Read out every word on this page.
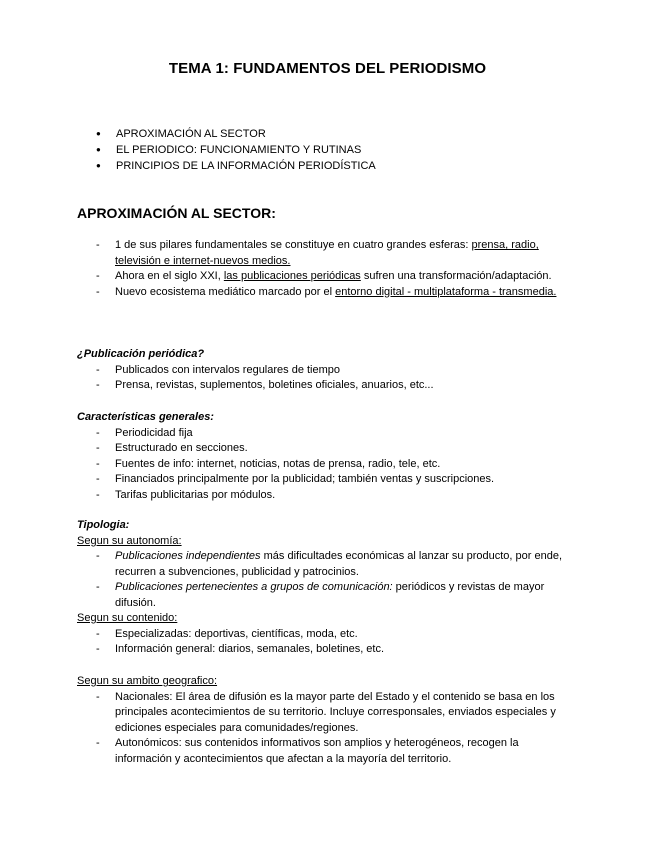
TEMA 1: FUNDAMENTOS DEL PERIODISMO
●	APROXIMACIÓN AL SECTOR
●	EL PERIODICO: FUNCIONAMIENTO Y RUTINAS
●	PRINCIPIOS DE LA INFORMACIÓN PERIODÍSTICA
APROXIMACIÓN AL SECTOR:
-	1 de sus pilares fundamentales se constituye en cuatro grandes esferas: prensa, radio, televisión e internet-nuevos medios.
-	Ahora en el siglo XXI, las publicaciones periódicas sufren una transformación/adaptación.
-	Nuevo ecosistema mediático marcado por el entorno digital - multiplataforma - transmedia.
¿Publicación periódica?
-	Publicados con intervalos regulares de tiempo
-	Prensa, revistas, suplementos, boletines oficiales, anuarios, etc...
Características generales:
-	Periodicidad fija
-	Estructurado en secciones.
-	Fuentes de info: internet, noticias, notas de prensa, radio, tele, etc.
-	Financiados principalmente por la publicidad; también ventas y suscripciones.
-	Tarifas publicitarias por módulos.
Tipologia:
Segun su autonomía:
-	Publicaciones independientes más dificultades económicas al lanzar su producto, por ende, recurren a subvenciones, publicidad y patrocinios.
-	Publicaciones pertenecientes a grupos de comunicación: periódicos y revistas de mayor difusión.
Segun su contenido:
-	Especializadas: deportivas, científicas, moda, etc.
-	Información general: diarios, semanales, boletines, etc.
Segun su ambito geografico:
-	Nacionales: El área de difusión es la mayor parte del Estado y el contenido se basa en los principales acontecimientos de su territorio. Incluye corresponsales, enviados especiales y ediciones especiales para comunidades/regiones.
-	Autonómicos: sus contenidos informativos son amplios y heterogéneos, recogen la información y acontecimientos que afectan a la mayoría del territorio.
